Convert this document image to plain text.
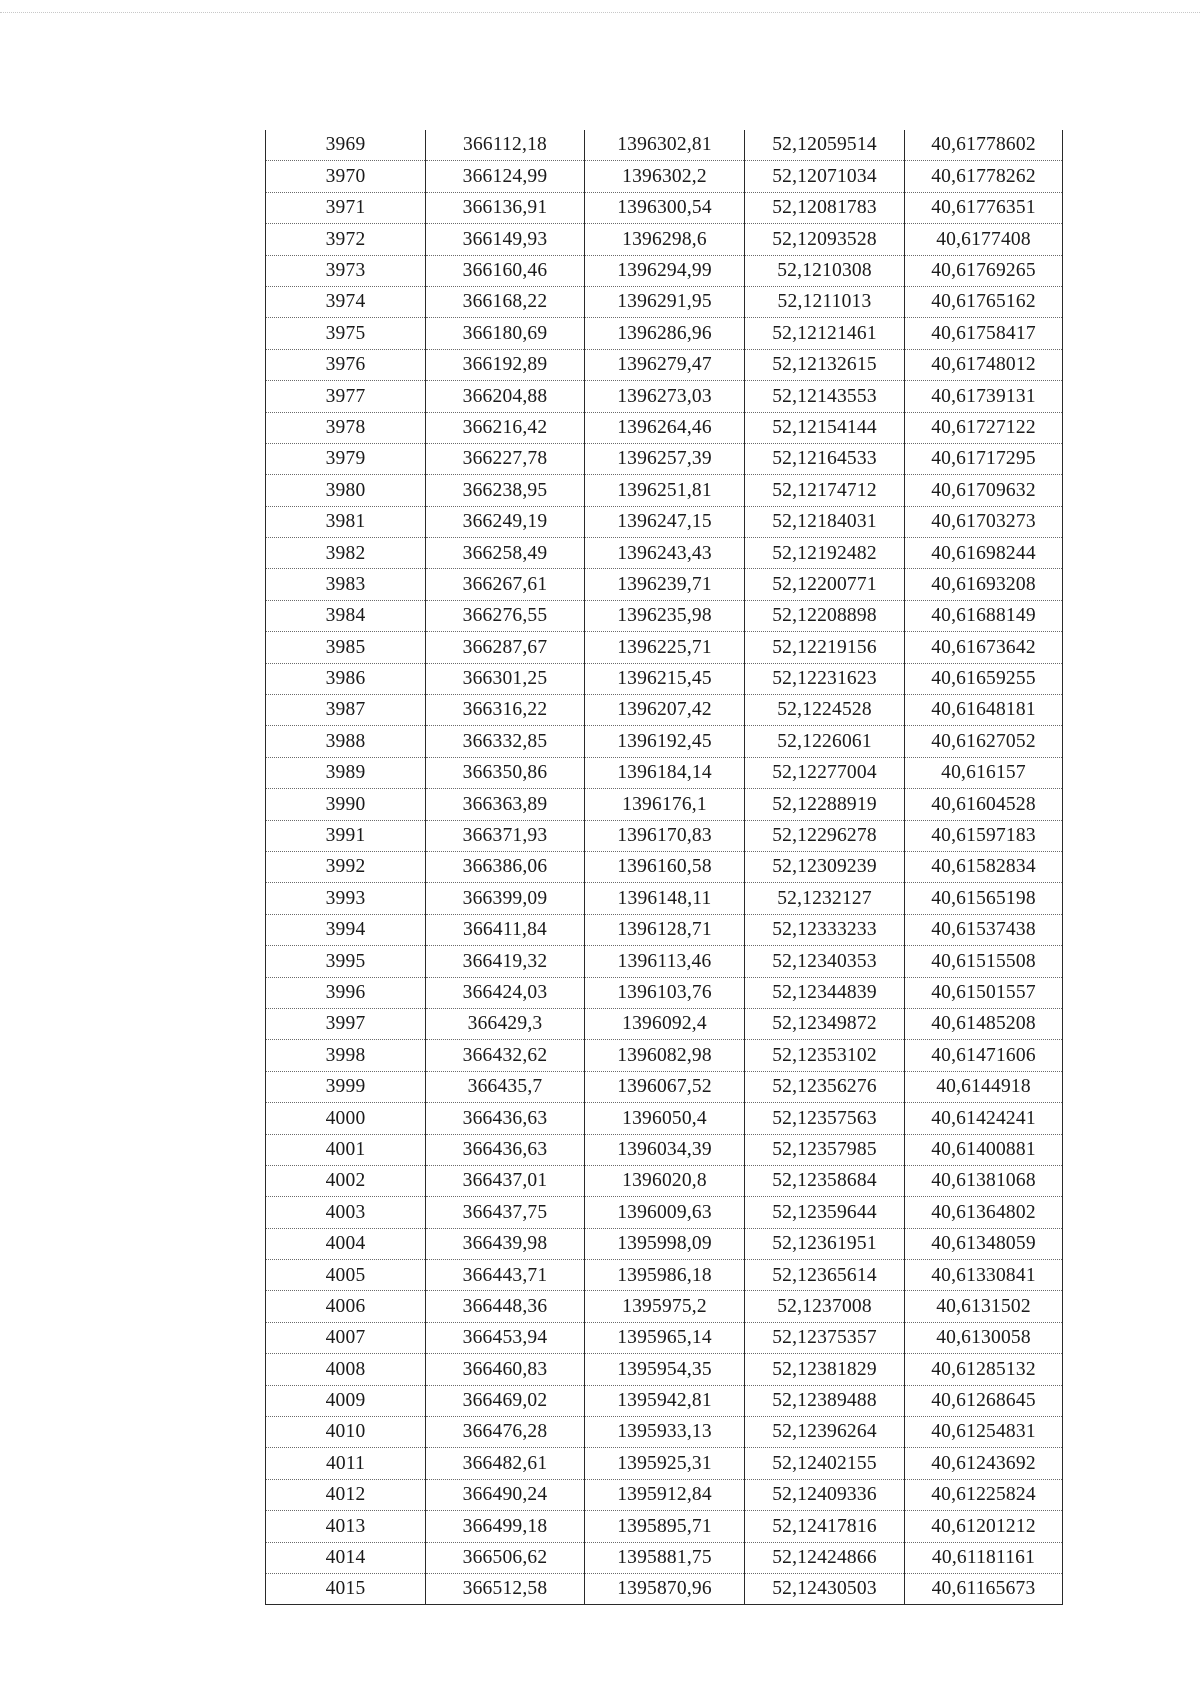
3969	366112,18	1396302,81	52,12059514	40,61778602
3970	366124,99	1396302,2	52,12071034	40,61778262
3971	366136,91	1396300,54	52,12081783	40,61776351
3972	366149,93	1396298,6	52,12093528	40,6177408
3973	366160,46	1396294,99	52,1210308	40,61769265
3974	366168,22	1396291,95	52,1211013	40,61765162
3975	366180,69	1396286,96	52,12121461	40,61758417
3976	366192,89	1396279,47	52,12132615	40,61748012
3977	366204,88	1396273,03	52,12143553	40,61739131
3978	366216,42	1396264,46	52,12154144	40,61727122
3979	366227,78	1396257,39	52,12164533	40,61717295
3980	366238,95	1396251,81	52,12174712	40,61709632
3981	366249,19	1396247,15	52,12184031	40,61703273
3982	366258,49	1396243,43	52,12192482	40,61698244
3983	366267,61	1396239,71	52,12200771	40,61693208
3984	366276,55	1396235,98	52,12208898	40,61688149
3985	366287,67	1396225,71	52,12219156	40,61673642
3986	366301,25	1396215,45	52,12231623	40,61659255
3987	366316,22	1396207,42	52,1224528	40,61648181
3988	366332,85	1396192,45	52,1226061	40,61627052
3989	366350,86	1396184,14	52,12277004	40,616157
3990	366363,89	1396176,1	52,12288919	40,61604528
3991	366371,93	1396170,83	52,12296278	40,61597183
3992	366386,06	1396160,58	52,12309239	40,61582834
3993	366399,09	1396148,11	52,1232127	40,61565198
3994	366411,84	1396128,71	52,12333233	40,61537438
3995	366419,32	1396113,46	52,12340353	40,61515508
3996	366424,03	1396103,76	52,12344839	40,61501557
3997	366429,3	1396092,4	52,12349872	40,61485208
3998	366432,62	1396082,98	52,12353102	40,61471606
3999	366435,7	1396067,52	52,12356276	40,6144918
4000	366436,63	1396050,4	52,12357563	40,61424241
4001	366436,63	1396034,39	52,12357985	40,61400881
4002	366437,01	1396020,8	52,12358684	40,61381068
4003	366437,75	1396009,63	52,12359644	40,61364802
4004	366439,98	1395998,09	52,12361951	40,61348059
4005	366443,71	1395986,18	52,12365614	40,61330841
4006	366448,36	1395975,2	52,1237008	40,6131502
4007	366453,94	1395965,14	52,12375357	40,6130058
4008	366460,83	1395954,35	52,12381829	40,61285132
4009	366469,02	1395942,81	52,12389488	40,61268645
4010	366476,28	1395933,13	52,12396264	40,61254831
4011	366482,61	1395925,31	52,12402155	40,61243692
4012	366490,24	1395912,84	52,12409336	40,61225824
4013	366499,18	1395895,71	52,12417816	40,61201212
4014	366506,62	1395881,75	52,12424866	40,61181161
4015	366512,58	1395870,96	52,12430503	40,61165673
